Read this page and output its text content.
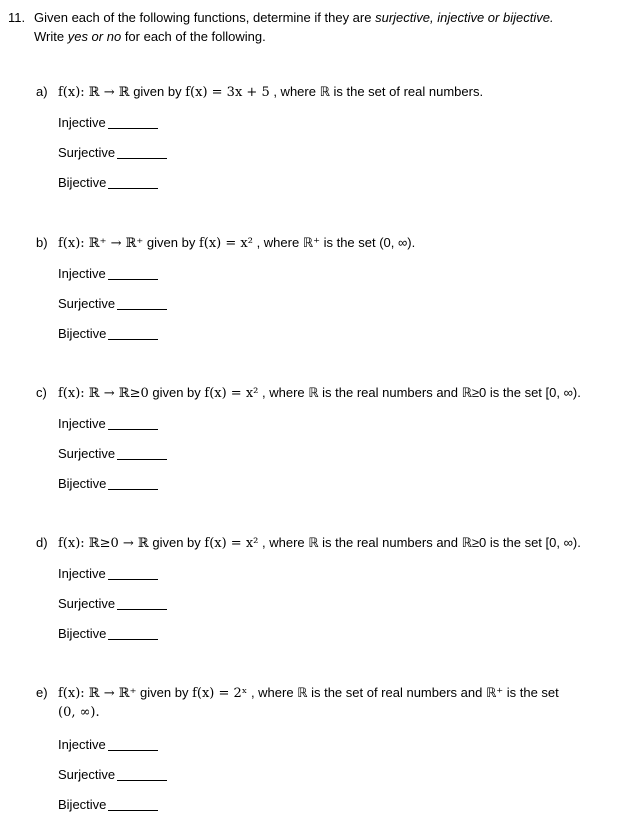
11. Given each of the following functions, determine if they are surjective, injective or bijective.
Write yes or no for each of the following.
a) f(x): ℝ → ℝ given by f(x) = 3x + 5 , where ℝ is the set of real numbers.
Injective
Surjective
Bijective
b) f(x): ℝ⁺ → ℝ⁺ given by f(x) = x² , where ℝ⁺ is the set (0, ∞).
Injective
Surjective
Bijective
c) f(x): ℝ → ℝ≥0 given by f(x) = x² , where ℝ is the real numbers and ℝ≥0 is the set [0, ∞).
Injective
Surjective
Bijective
d) f(x): ℝ≥0 → ℝ given by f(x) = x² , where ℝ is the real numbers and ℝ≥0 is the set [0, ∞).
Injective
Surjective
Bijective
e) f(x): ℝ → ℝ⁺ given by f(x) = 2ˣ , where ℝ is the set of real numbers and ℝ⁺ is the set
(0, ∞).
Injective
Surjective
Bijective
